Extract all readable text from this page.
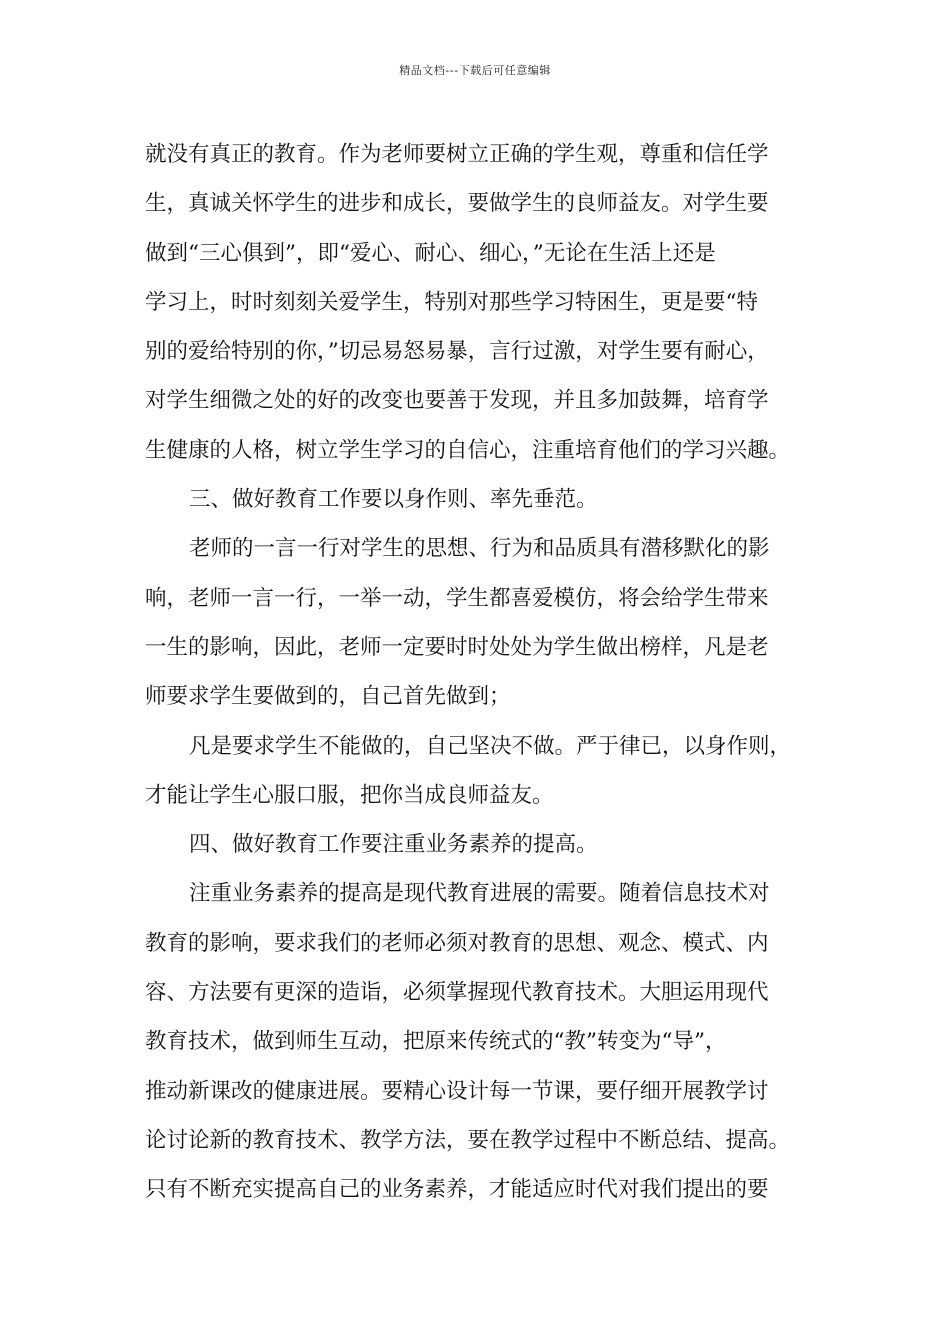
精品文档---下载后可任意编辑
就没有真正的教育。作为老师要树立正确的学生观，尊重和信任学
生，真诚关怀学生的进步和成长，要做学生的良师益友。对学生要
做到“三心俱到”，即“爱心、耐心、细心，”无论在生活上还是
学习上，时时刻刻关爱学生，特别对那些学习特困生，更是要“特
别的爱给特别的你，”切忌易怒易暴，言行过激，对学生要有耐心，
对学生细微之处的好的改变也要善于发现，并且多加鼓舞，培育学
生健康的人格，树立学生学习的自信心，注重培育他们的学习兴趣。
三、做好教育工作要以身作则、率先垂范。
老师的一言一行对学生的思想、行为和品质具有潜移默化的影
响，老师一言一行，一举一动，学生都喜爱模仿，将会给学生带来
一生的影响，因此，老师一定要时时处处为学生做出榜样，凡是老
师要求学生要做到的，自己首先做到；
凡是要求学生不能做的，自己坚决不做。严于律已，以身作则，
才能让学生心服口服，把你当成良师益友。
四、做好教育工作要注重业务素养的提高。
注重业务素养的提高是现代教育进展的需要。随着信息技术对
教育的影响，要求我们的老师必须对教育的思想、观念、模式、内
容、方法要有更深的造诣，必须掌握现代教育技术。大胆运用现代
教育技术，做到师生互动，把原来传统式的“教”转变为“导”，
推动新课改的健康进展。要精心设计每一节课，要仔细开展教学讨
论讨论新的教育技术、教学方法，要在教学过程中不断总结、提高。
只有不断充实提高自己的业务素养，才能适应时代对我们提出的要
